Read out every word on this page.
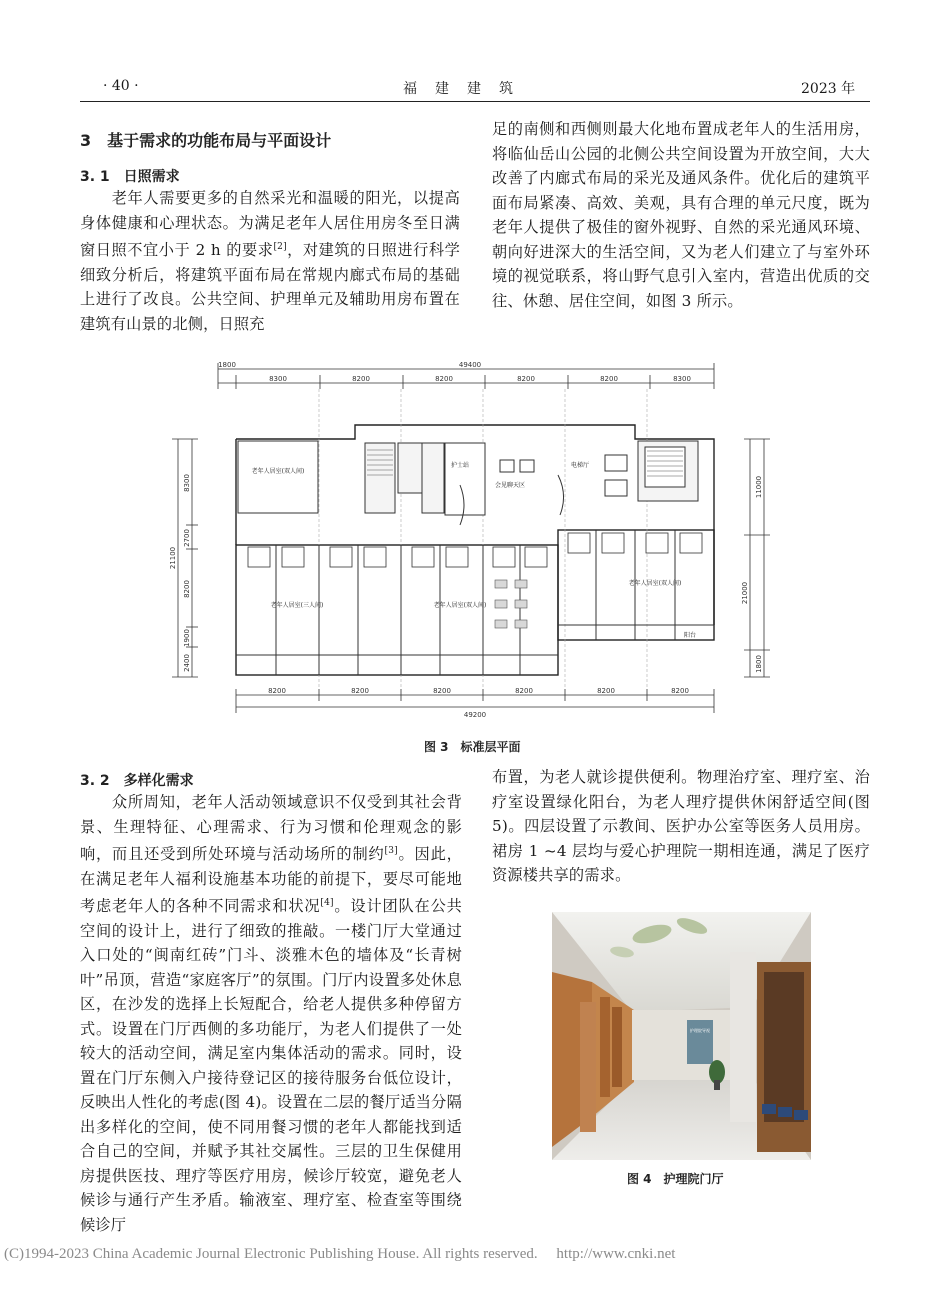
· 40 ·	福　建　建　筑	2023 年
3　基于需求的功能布局与平面设计
3. 1　日照需求
　　老年人需要更多的自然采光和温暖的阳光，以提高身体健康和心理状态。为满足老年人居住用房冬至日满窗日照不宜小于 2 h 的要求[2]，对建筑的日照进行科学细致分析后，将建筑平面布局在常规内廊式布局的基础上进行了改良。公共空间、护理单元及辅助用房布置在建筑有山景的北侧，日照充
足的南侧和西侧则最大化地布置成老年人的生活用房，将临仙岳山公园的北侧公共空间设置为开放空间，大大改善了内廊式布局的采光及通风条件。优化后的建筑平面布局紧凑、高效、美观，具有合理的单元尺度，既为老年人提供了极佳的窗外视野、自然的采光通风环境、朝向好进深大的生活空间，又为老人们建立了与室外环境的视觉联系，将山野气息引入室内，营造出优质的交往、休憩、居住空间，如图 3 所示。
1800	49400
8300	8200	8200	8200	8200	8300
8200	8200	8200	8200	8200	8200
49200
21100
8300
2700
8200
1900
2400
11000
21000
1800
老年人居室(双人间)
护士站
会见聊天区
电梯厅
老年人居室(三人间)	老年人居室(双人间)
老年人居室(双人间)
阳台
图 3　标准层平面
3. 2　多样化需求
　　众所周知，老年人活动领域意识不仅受到其社会背景、生理特征、心理需求、行为习惯和伦理观念的影响，而且还受到所处环境与活动场所的制约[3]。因此，在满足老年人福利设施基本功能的前提下，要尽可能地考虑老年人的各种不同需求和状况[4]。设计团队在公共空间的设计上，进行了细致的推敲。一楼门厅大堂通过入口处的“闽南红砖”门斗、淡雅木色的墙体及“长青树叶”吊顶，营造“家庭客厅”的氛围。门厅内设置多处休息区，在沙发的选择上长短配合，给老人提供多种停留方式。设置在门厅西侧的多功能厅，为老人们提供了一处较大的活动空间，满足室内集体活动的需求。同时，设置在门厅东侧入户接待登记区的接待服务台低位设计，反映出人性化的考虑(图 4)。设置在二层的餐厅适当分隔出多样化的空间，使不同用餐习惯的老年人都能找到适合自己的空间，并赋予其社交属性。三层的卫生保健用房提供医技、理疗等医疗用房，候诊厅较宽，避免老人候诊与通行产生矛盾。输液室、理疗室、检查室等围绕候诊厅
布置，为老人就诊提供便利。物理治疗室、理疗室、治疗室设置绿化阳台，为老人理疗提供休闲舒适空间(图 5)。四层设置了示教间、医护办公室等医务人员用房。裙房 1 ~4 层均与爱心护理院一期相连通，满足了医疗资源楼共享的需求。
护理院导视
图 4　护理院门厅
(C)1994-2023 China Academic Journal Electronic Publishing House. All rights reserved.　 http://www.cnki.net
